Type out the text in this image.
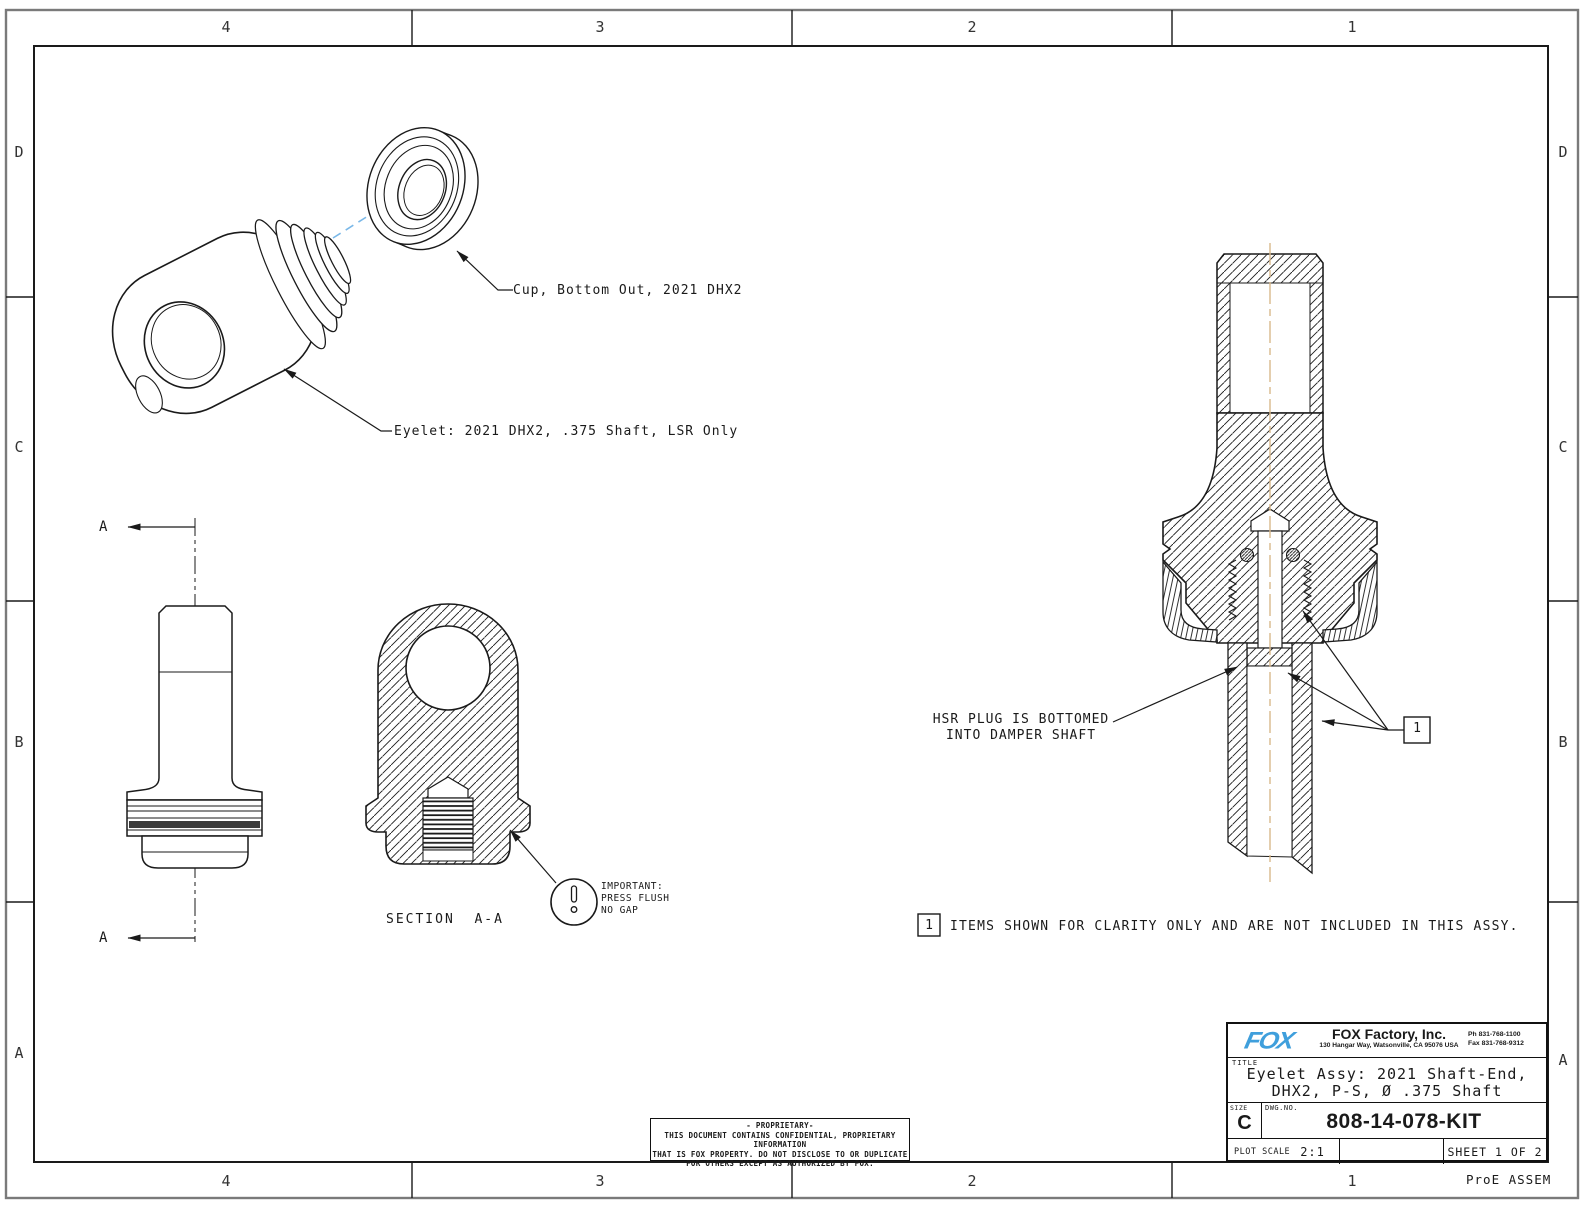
4	3	2	1
4	3	2	1
D
C
B
A
D
C
B
A
ProE ASSEM
Cup, Bottom Out, 2021 DHX2
Eyelet: 2021 DHX2, .375 Shaft, LSR Only
HSR PLUG IS BOTTOMED
INTO DAMPER SHAFT
SECTION  A-A
A
A
IMPORTANT:
PRESS FLUSH
NO GAP
1
1	ITEMS SHOWN FOR CLARITY ONLY AND ARE NOT INCLUDED IN THIS ASSY.
- PROPRIETARY-
THIS DOCUMENT CONTAINS CONFIDENTIAL, PROPRIETARY INFORMATION
THAT IS FOX PROPERTY. DO NOT DISCLOSE TO OR DUPLICATE
FOR OTHERS EXCEPT AS AUTHORIZED BY FOX.
FOX	FOX Factory, Inc.
130 Hangar Way, Watsonville, CA 95076 USA
Ph 831-768-1100
Fax 831-768-9312
TITLE
Eyelet Assy: 2021 Shaft-End,
DHX2, P-S, Ø .375 Shaft
SIZE
C
DWG.NO.
808-14-078-KIT
PLOT SCALE 2:1	SHEET 1 OF 2
